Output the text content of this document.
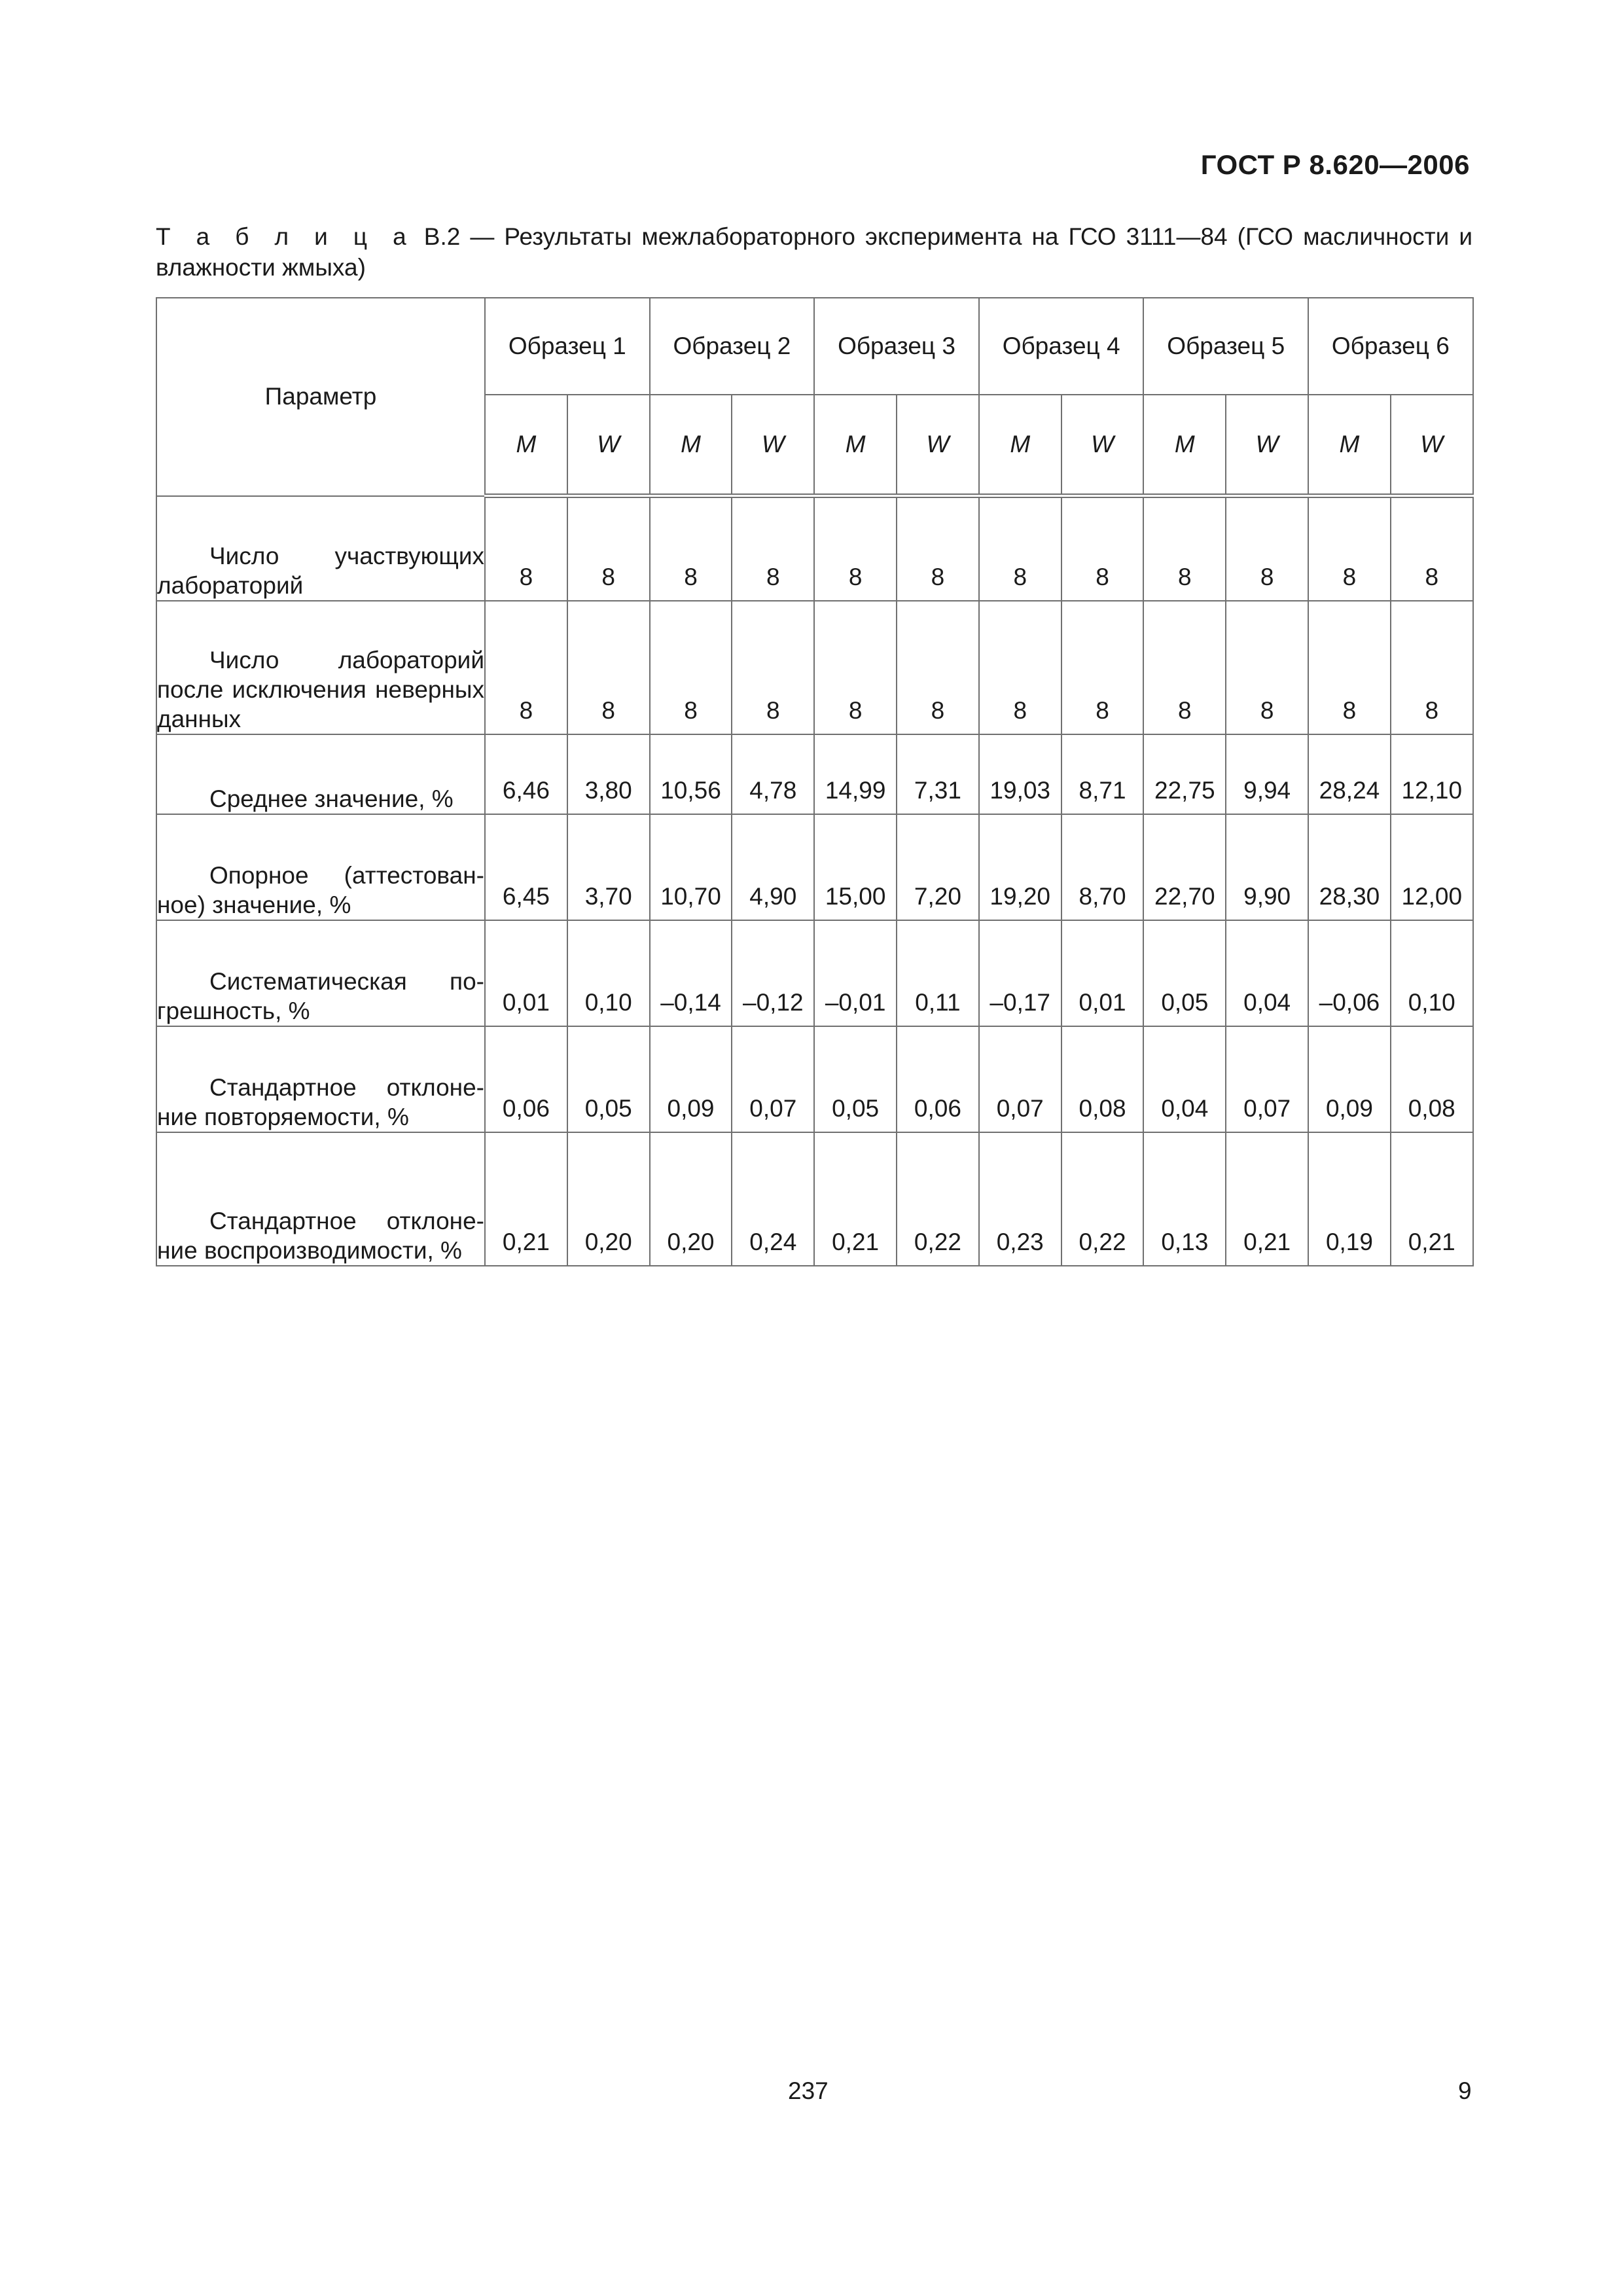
ГОСТ Р 8.620—2006
Т а б л и ц а В.2 — Результаты межлабораторного эксперимента на ГСО 3111—84 (ГСО масличности и влажности жмыха)
Параметр	Образец 1		Образец 2		Образец 3		Образец 4		Образец 5		Образец 6	
	M	W	M	W	M	W	M	W	M	W	M	W
Число участвующих лабораторий	8	8	8	8	8	8	8	8	8	8	8	8
Число лабораторий после исключения неверных данных	8	8	8	8	8	8	8	8	8	8	8	8
Среднее значение, %	6,46	3,80	10,56	4,78	14,99	7,31	19,03	8,71	22,75	9,94	28,24	12,10
Опорное (аттестованное) значение, %	6,45	3,70	10,70	4,90	15,00	7,20	19,20	8,70	22,70	9,90	28,30	12,00
Систематическая погрешность, %	0,01	0,10	–0,14	–0,12	–0,01	0,11	–0,17	0,01	0,05	0,04	–0,06	0,10
Стандартное отклонение повторяемости, %	0,06	0,05	0,09	0,07	0,05	0,06	0,07	0,08	0,04	0,07	0,09	0,08
Стандартное отклонение воспроизводимости, %	0,21	0,20	0,20	0,24	0,21	0,22	0,23	0,22	0,13	0,21	0,19	0,21
237	9
